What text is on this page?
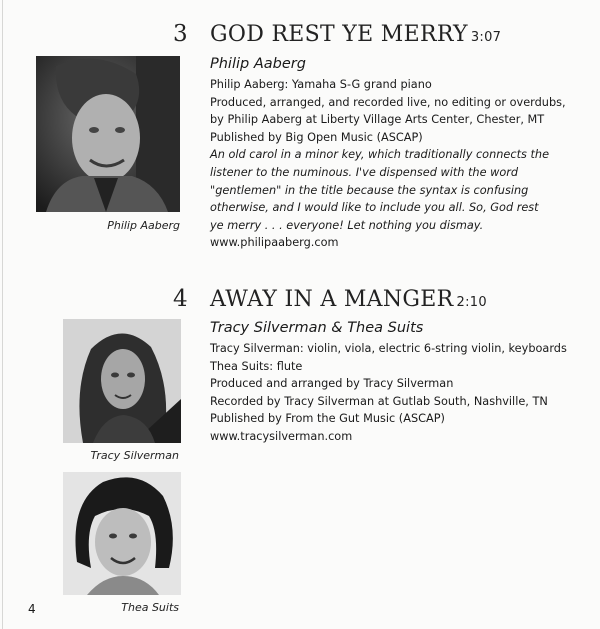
Philip Aaberg
Tracy Silverman
Thea Suits
3 GOD REST YE MERRY 3:07
Philip Aaberg
Philip Aaberg: Yamaha S-G grand piano
Produced, arranged, and recorded live, no editing or overdubs,
by Philip Aaberg at Liberty Village Arts Center, Chester, MT
Published by Big Open Music (ASCAP)
An old carol in a minor key, which traditionally connects the
listener to the numinous. I've dispensed with the word
"gentlemen" in the title because the syntax is confusing
otherwise, and I would like to include you all. So, God rest
ye merry . . . everyone! Let nothing you dismay.
www.philipaaberg.com
4 AWAY IN A MANGER 2:10
Tracy Silverman & Thea Suits
Tracy Silverman: violin, viola, electric 6-string violin, keyboards
Thea Suits: flute
Produced and arranged by Tracy Silverman
Recorded by Tracy Silverman at Gutlab South, Nashville, TN
Published by From the Gut Music (ASCAP)
www.tracysilverman.com
4
